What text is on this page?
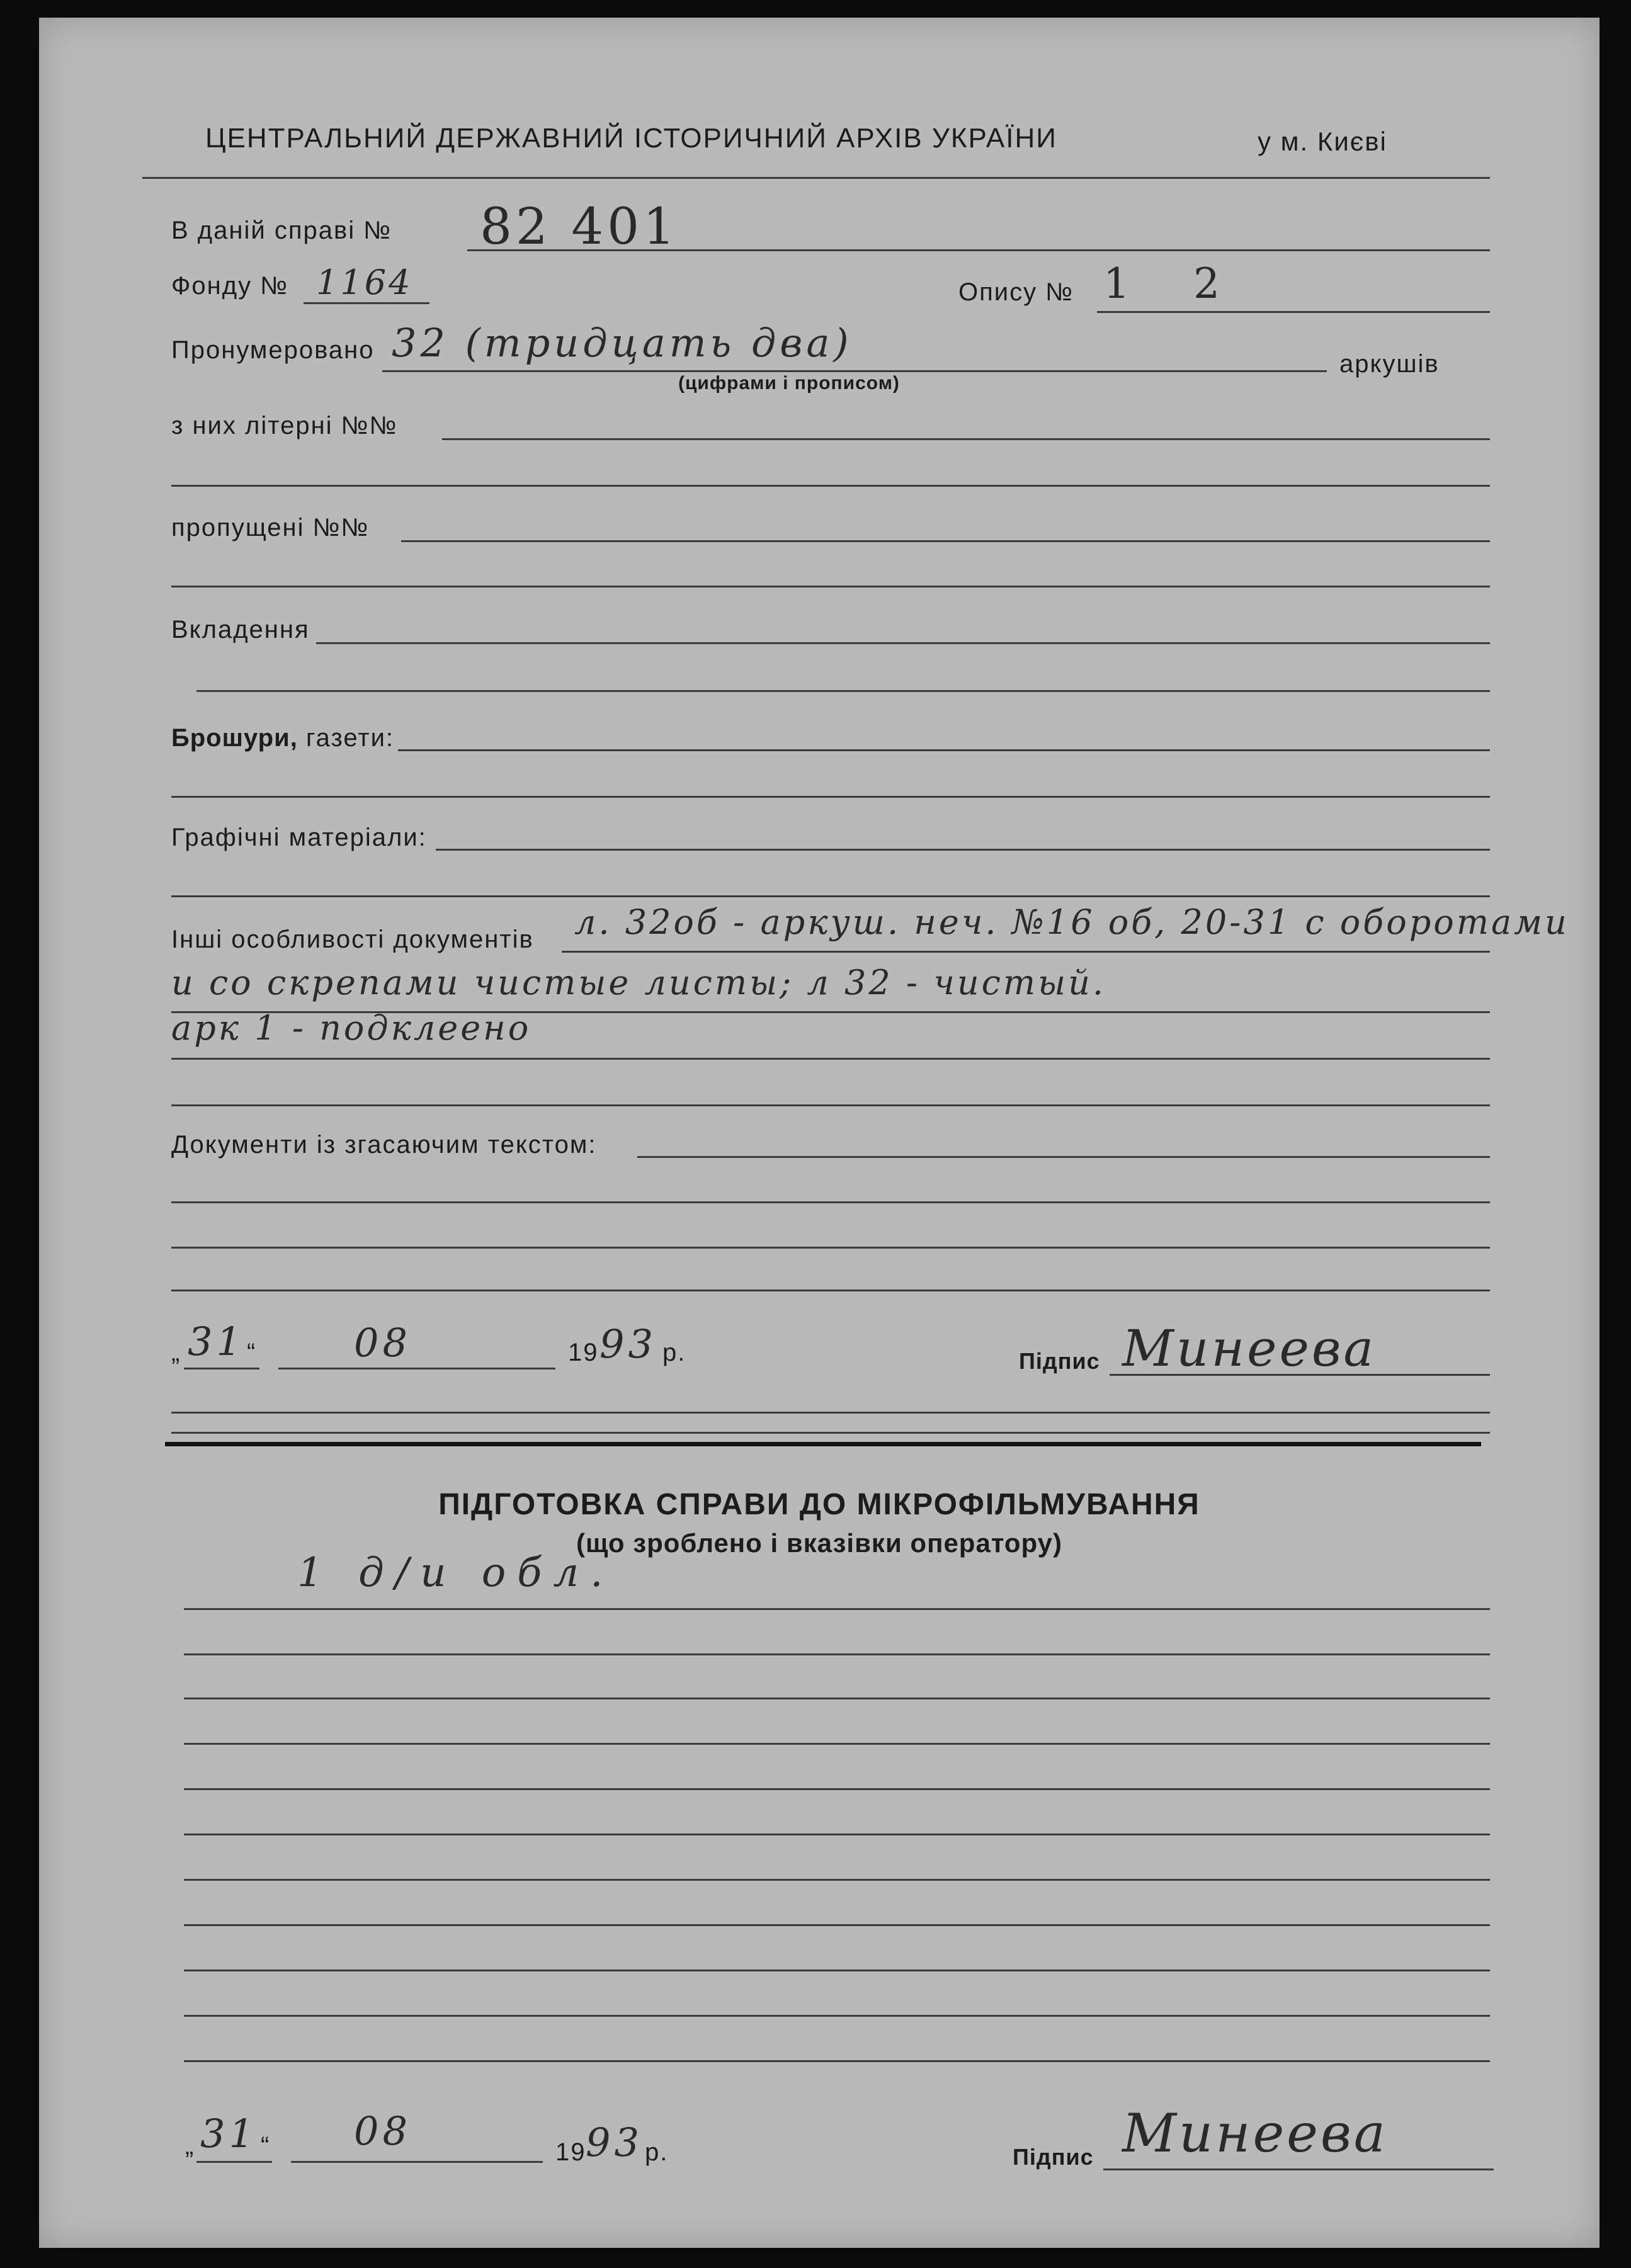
ЦЕНТРАЛЬНИЙ ДЕРЖАВНИЙ ІСТОРИЧНИЙ АРХІВ УКРАЇНИ	у м. Києві
В даній справі № 82 401
Фонду № 1164	Опису № 1 2
Пронумеровано 32 (тридцать два)
(цифрами і прописом)
аркушів
з них літерні №№
пропущені №№
Вкладення
Брошури, газети:
Графічні матеріали:
Інші особливості документів л. 32об - аркуш. неч. №16 об, 20-31 с оборотами
и со скрепами чистые листы; л 32 - чистый.
арк 1 - подклеено
Документи із згасаючим текстом:
„ 31 “ 08	19 93 р.	Підпис Минеева
ПІДГОТОВКА СПРАВИ ДО МІКРОФІЛЬМУВАННЯ
(що зроблено і вказівки оператору)
1 д/и обл.
„ 31 “ 08	19 93 р.	Підпис Минеева
